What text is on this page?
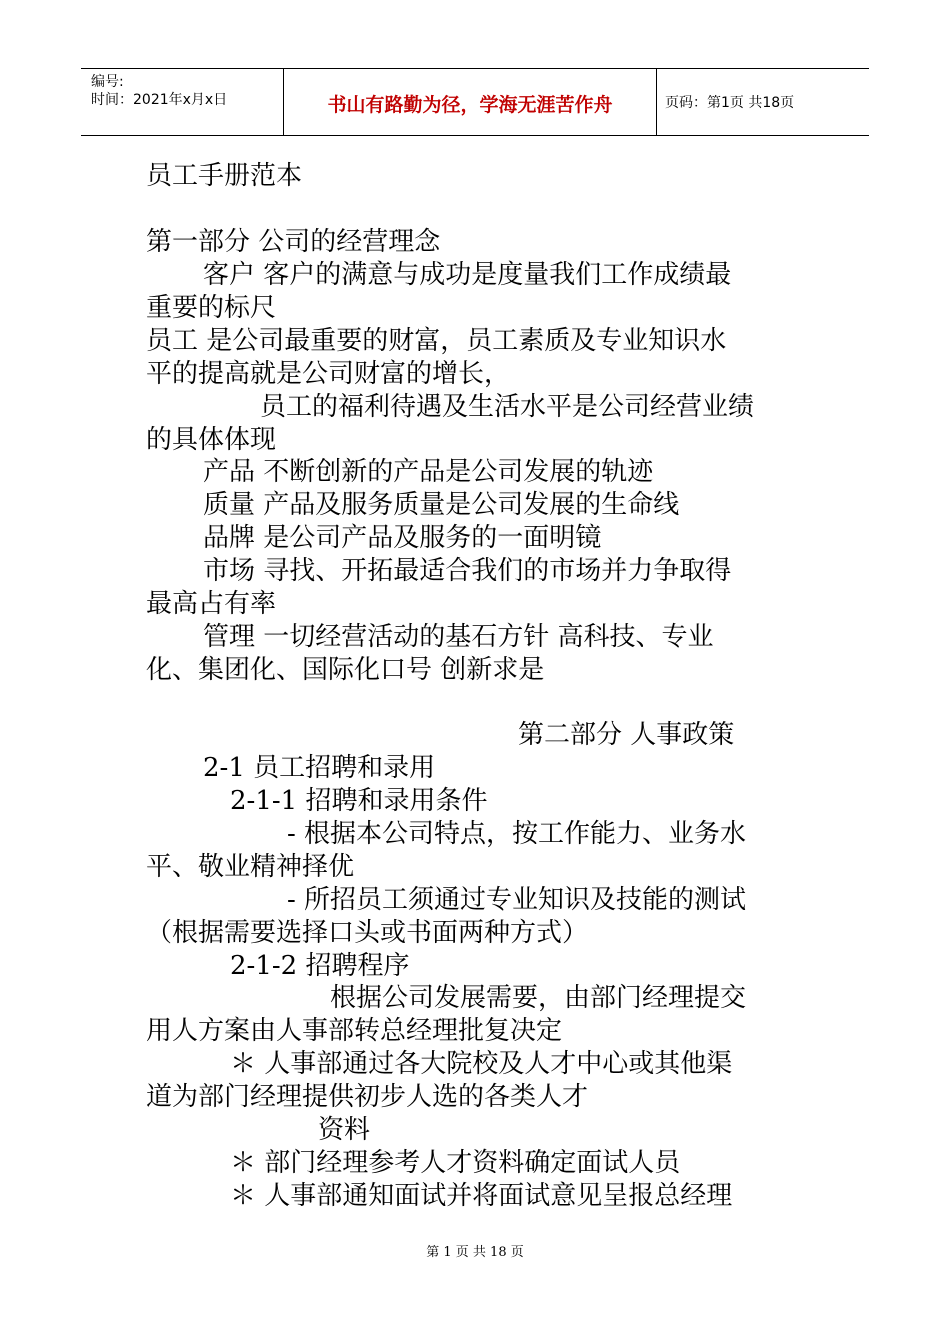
编号:
时间：2021年x月x日	书山有路勤为径，学海无涯苦作舟	页码：第1页 共18页
员工手册范本
第一部分 公司的经营理念
客户 客户的满意与成功是度量我们工作成绩最
重要的标尺
员工 是公司最重要的财富，员工素质及专业知识水
平的提高就是公司财富的增长，
员工的福利待遇及生活水平是公司经营业绩
的具体体现
产品 不断创新的产品是公司发展的轨迹
质量 产品及服务质量是公司发展的生命线
品牌 是公司产品及服务的一面明镜
市场 寻找、开拓最适合我们的市场并力争取得
最高占有率
管理 一切经营活动的基石方针 高科技、专业
化、集团化、国际化口号 创新求是
第二部分 人事政策
2-1 员工招聘和录用
2-1-1 招聘和录用条件
- 根据本公司特点，按工作能力、业务水
平、敬业精神择优
- 所招员工须通过专业知识及技能的测试
（根据需要选择口头或书面两种方式）
2-1-2 招聘程序
根据公司发展需要，由部门经理提交
用人方案由人事部转总经理批复决定
＊ 人事部通过各大院校及人才中心或其他渠
道为部门经理提供初步人选的各类人才
资料
＊ 部门经理参考人才资料确定面试人员
＊ 人事部通知面试并将面试意见呈报总经理
第 1 页 共 18 页
